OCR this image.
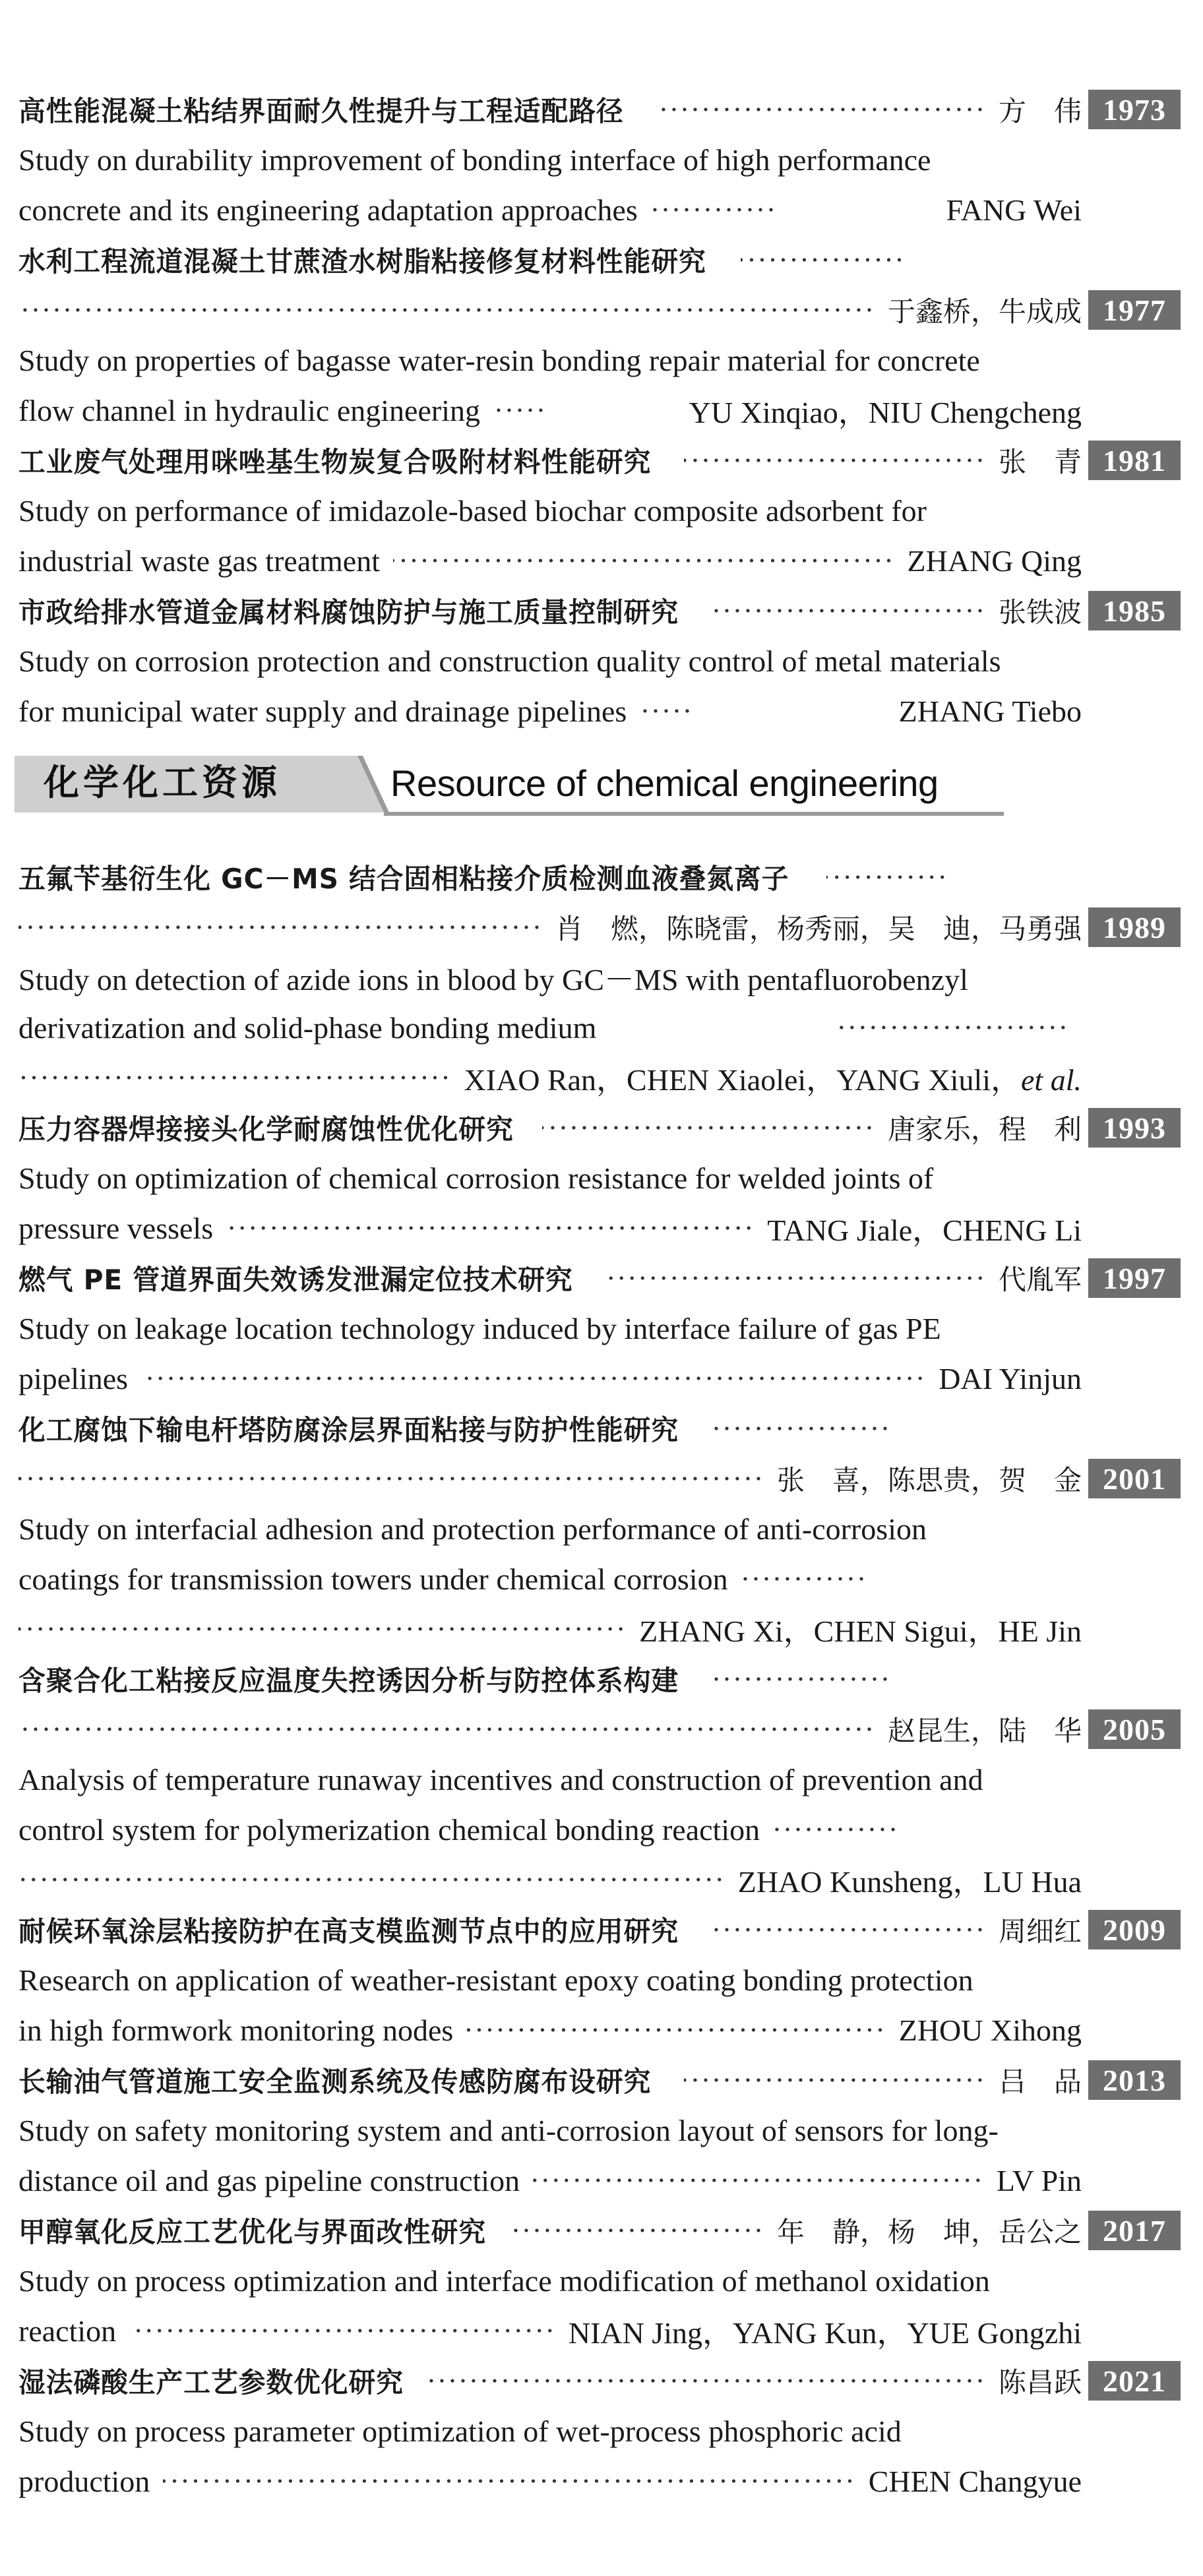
高性能混凝土粘结界面耐久性提升与工程适配路径	方　伟 1973
Study on durability improvement of bonding interface of high performance
concrete and its engineering adaptation approaches	FANG Wei
水利工程流道混凝土甘蔗渣水树脂粘接修复材料性能研究
于鑫桥，牛成成 1977
Study on properties of bagasse water-resin bonding repair material for concrete
flow channel in hydraulic engineering	YU Xinqiao，NIU Chengcheng
工业废气处理用咪唑基生物炭复合吸附材料性能研究	张　青 1981
Study on performance of imidazole-based biochar composite adsorbent for
industrial waste gas treatment	ZHANG Qing
市政给排水管道金属材料腐蚀防护与施工质量控制研究	张铁波 1985
Study on corrosion protection and construction quality control of metal materials
for municipal water supply and drainage pipelines	ZHANG Tiebo
化学化工资源	Resource of chemical engineering
五氟苄基衍生化 GC－MS 结合固相粘接介质检测血液叠氮离子
肖　燃，陈晓雷，杨秀丽，吴　迪，马勇强 1989
Study on detection of azide ions in blood by GC－MS with pentafluorobenzyl
derivatization and solid-phase bonding medium
XIAO Ran，CHEN Xiaolei，YANG Xiuli，et al.
压力容器焊接接头化学耐腐蚀性优化研究	唐家乐，程　利 1993
Study on optimization of chemical corrosion resistance for welded joints of
pressure vessels	TANG Jiale，CHENG Li
燃气 PE 管道界面失效诱发泄漏定位技术研究	代胤军 1997
Study on leakage location technology induced by interface failure of gas PE
pipelines	DAI Yinjun
化工腐蚀下输电杆塔防腐涂层界面粘接与防护性能研究
张　喜，陈思贵，贺　金 2001
Study on interfacial adhesion and protection performance of anti-corrosion
coatings for transmission towers under chemical corrosion
ZHANG Xi，CHEN Sigui，HE Jin
含聚合化工粘接反应温度失控诱因分析与防控体系构建
赵昆生，陆　华 2005
Analysis of temperature runaway incentives and construction of prevention and
control system for polymerization chemical bonding reaction
ZHAO Kunsheng，LU Hua
耐候环氧涂层粘接防护在高支模监测节点中的应用研究	周细红 2009
Research on application of weather-resistant epoxy coating bonding protection
in high formwork monitoring nodes	ZHOU Xihong
长输油气管道施工安全监测系统及传感防腐布设研究	吕　品 2013
Study on safety monitoring system and anti-corrosion layout of sensors for long-
distance oil and gas pipeline construction	LV Pin
甲醇氧化反应工艺优化与界面改性研究	年　静，杨　坤，岳公之 2017
Study on process optimization and interface modification of methanol oxidation
reaction	NIAN Jing，YANG Kun，YUE Gongzhi
湿法磷酸生产工艺参数优化研究	陈昌跃 2021
Study on process parameter optimization of wet-process phosphoric acid
production	CHEN Changyue
